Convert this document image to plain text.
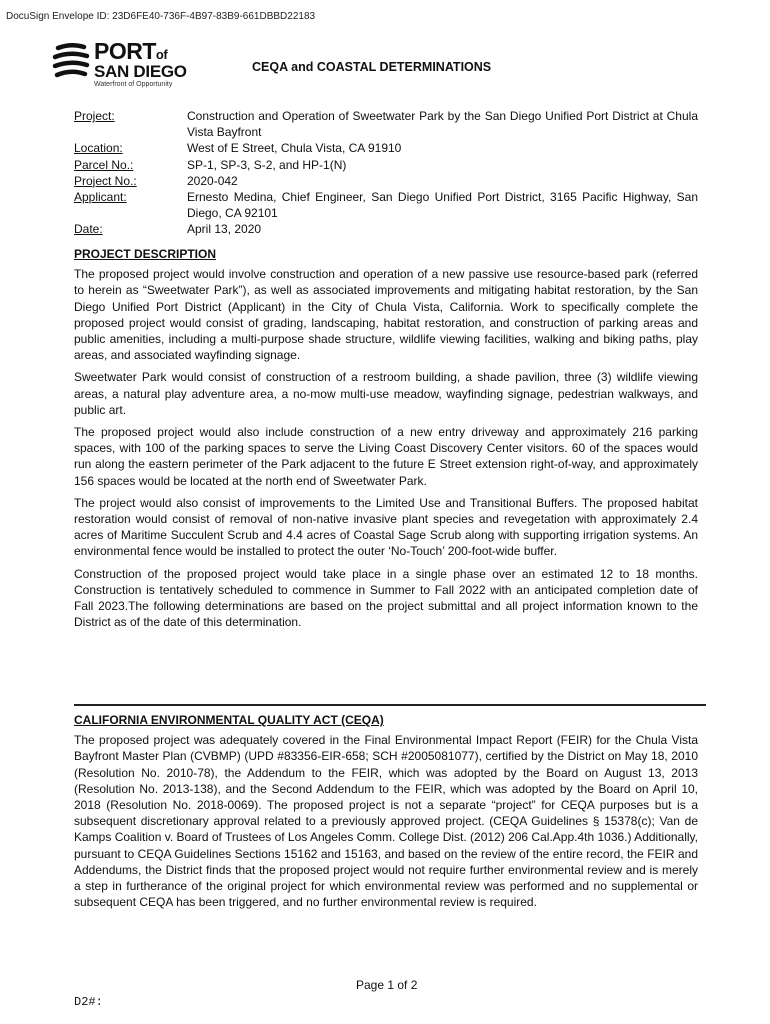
DocuSign Envelope ID: 23D6FE40-736F-4B97-83B9-661DBBD22183
PORTof
SAN DIEGO
Waterfront of Opportunity
CEQA and COASTAL DETERMINATIONS
Project:	Construction and Operation of Sweetwater Park by the San Diego Unified Port District at Chula Vista Bayfront
Location:	West of E Street, Chula Vista, CA 91910
Parcel No.:	SP-1, SP-3, S-2, and HP-1(N)
Project No.:	2020-042
Applicant:	Ernesto Medina, Chief Engineer, San Diego Unified Port District, 3165 Pacific Highway, San Diego, CA 92101
Date:	April 13, 2020
PROJECT DESCRIPTION

The proposed project would involve construction and operation of a new passive use resource-based park (referred to herein as “Sweetwater Park”), as well as associated improvements and mitigating habitat restoration, by the San Diego Unified Port District (Applicant) in the City of Chula Vista, California. Work to specifically complete the proposed project would consist of grading, landscaping, habitat restoration, and construction of parking areas and public amenities, including a multi-purpose shade structure, wildlife viewing facilities, walking and biking paths, play areas, and associated wayfinding signage.

Sweetwater Park would consist of construction of a restroom building, a shade pavilion, three (3) wildlife viewing areas, a natural play adventure area, a no-mow multi-use meadow, wayfinding signage, pedestrian walkways, and public art.

The proposed project would also include construction of a new entry driveway and approximately 216 parking spaces, with 100 of the parking spaces to serve the Living Coast Discovery Center visitors. 60 of the spaces would run along the eastern perimeter of the Park adjacent to the future E Street extension right-of-way, and approximately 156 spaces would be located at the north end of Sweetwater Park.

The project would also consist of improvements to the Limited Use and Transitional Buffers. The proposed habitat restoration would consist of removal of non-native invasive plant species and revegetation with approximately 2.4 acres of Maritime Succulent Scrub and 4.4 acres of Coastal Sage Scrub along with supporting irrigation systems. An environmental fence would be installed to protect the outer ‘No-Touch’ 200-foot-wide buffer.

Construction of the proposed project would take place in a single phase over an estimated 12 to 18 months. Construction is tentatively scheduled to commence in Summer to Fall 2022 with an anticipated completion date of Fall 2023.The following determinations are based on the project submittal and all project information known to the District as of the date of this determination.

CALIFORNIA ENVIRONMENTAL QUALITY ACT (CEQA)

The proposed project was adequately covered in the Final Environmental Impact Report (FEIR) for the Chula Vista Bayfront Master Plan (CVBMP) (UPD #83356-EIR-658; SCH #2005081077), certified by the District on May 18, 2010 (Resolution No. 2010-78), the Addendum to the FEIR, which was adopted by the Board on August 13, 2013 (Resolution No. 2013-138), and the Second Addendum to the FEIR, which was adopted by the Board on April 10, 2018 (Resolution No. 2018-0069). The proposed project is not a separate “project” for CEQA purposes but is a subsequent discretionary approval related to a previously approved project. (CEQA Guidelines § 15378(c); Van de Kamps Coalition v. Board of Trustees of Los Angeles Comm. College Dist. (2012) 206 Cal.App.4th 1036.) Additionally, pursuant to CEQA Guidelines Sections 15162 and 15163, and based on the review of the entire record, the FEIR and Addendums, the District finds that the proposed project would not require further environmental review and is merely a step in furtherance of the original project for which environmental review was performed and no supplemental or subsequent CEQA has been triggered, and no further environmental review is required.

Page 1 of 2
D2#:
